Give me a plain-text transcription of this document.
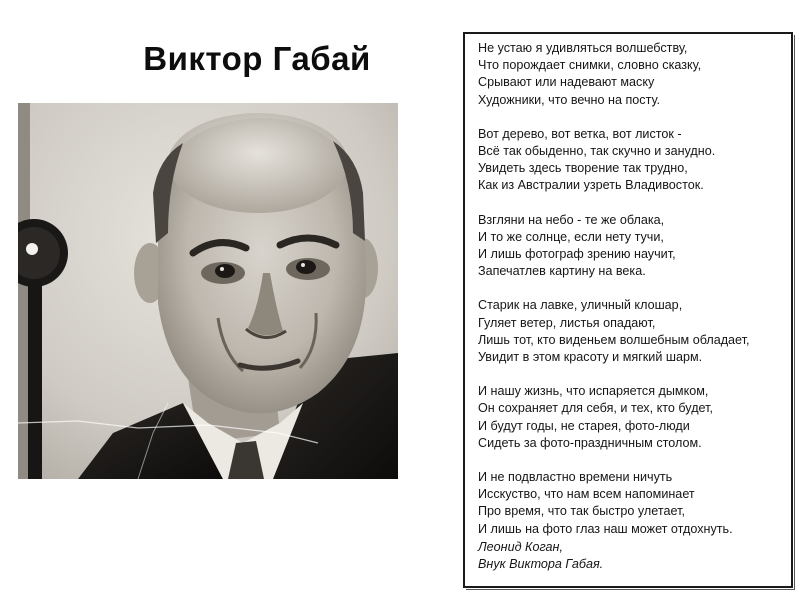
Виктор Габай	Не устаю я удивляться волшебству,
Что порождает снимки, словно сказку,
Срывают или надевают маску
Художники, что вечно на посту.
Вот дерево, вот ветка, вот листок -
Всё так обыденно, так скучно и занудно.
Увидеть здесь творение так трудно,
Как из Австралии узреть Владивосток.
Взгляни на небо - те же облака,
И то же солнце, если нету тучи,
И лишь фотограф зрению научит,
Запечатлев картину на века.
Старик на лавке, уличный клошар,
Гуляет ветер, листья опадают,
Лишь тот, кто виденьем волшебным обладает,
Увидит в этом красоту и мягкий шарм.
И нашу жизнь, что испаряется дымком,
Он сохраняет для себя, и тех, кто будет,
И будут годы, не старея, фото-люди
Сидеть за фото-праздничным столом.
И не подвластно времени ничуть
Исскуство, что нам всем напоминает
Про время, что так быстро улетает,
И лишь на фото глаз наш может отдохнуть.
Леонид Коган,
Внук Виктора Габая.
